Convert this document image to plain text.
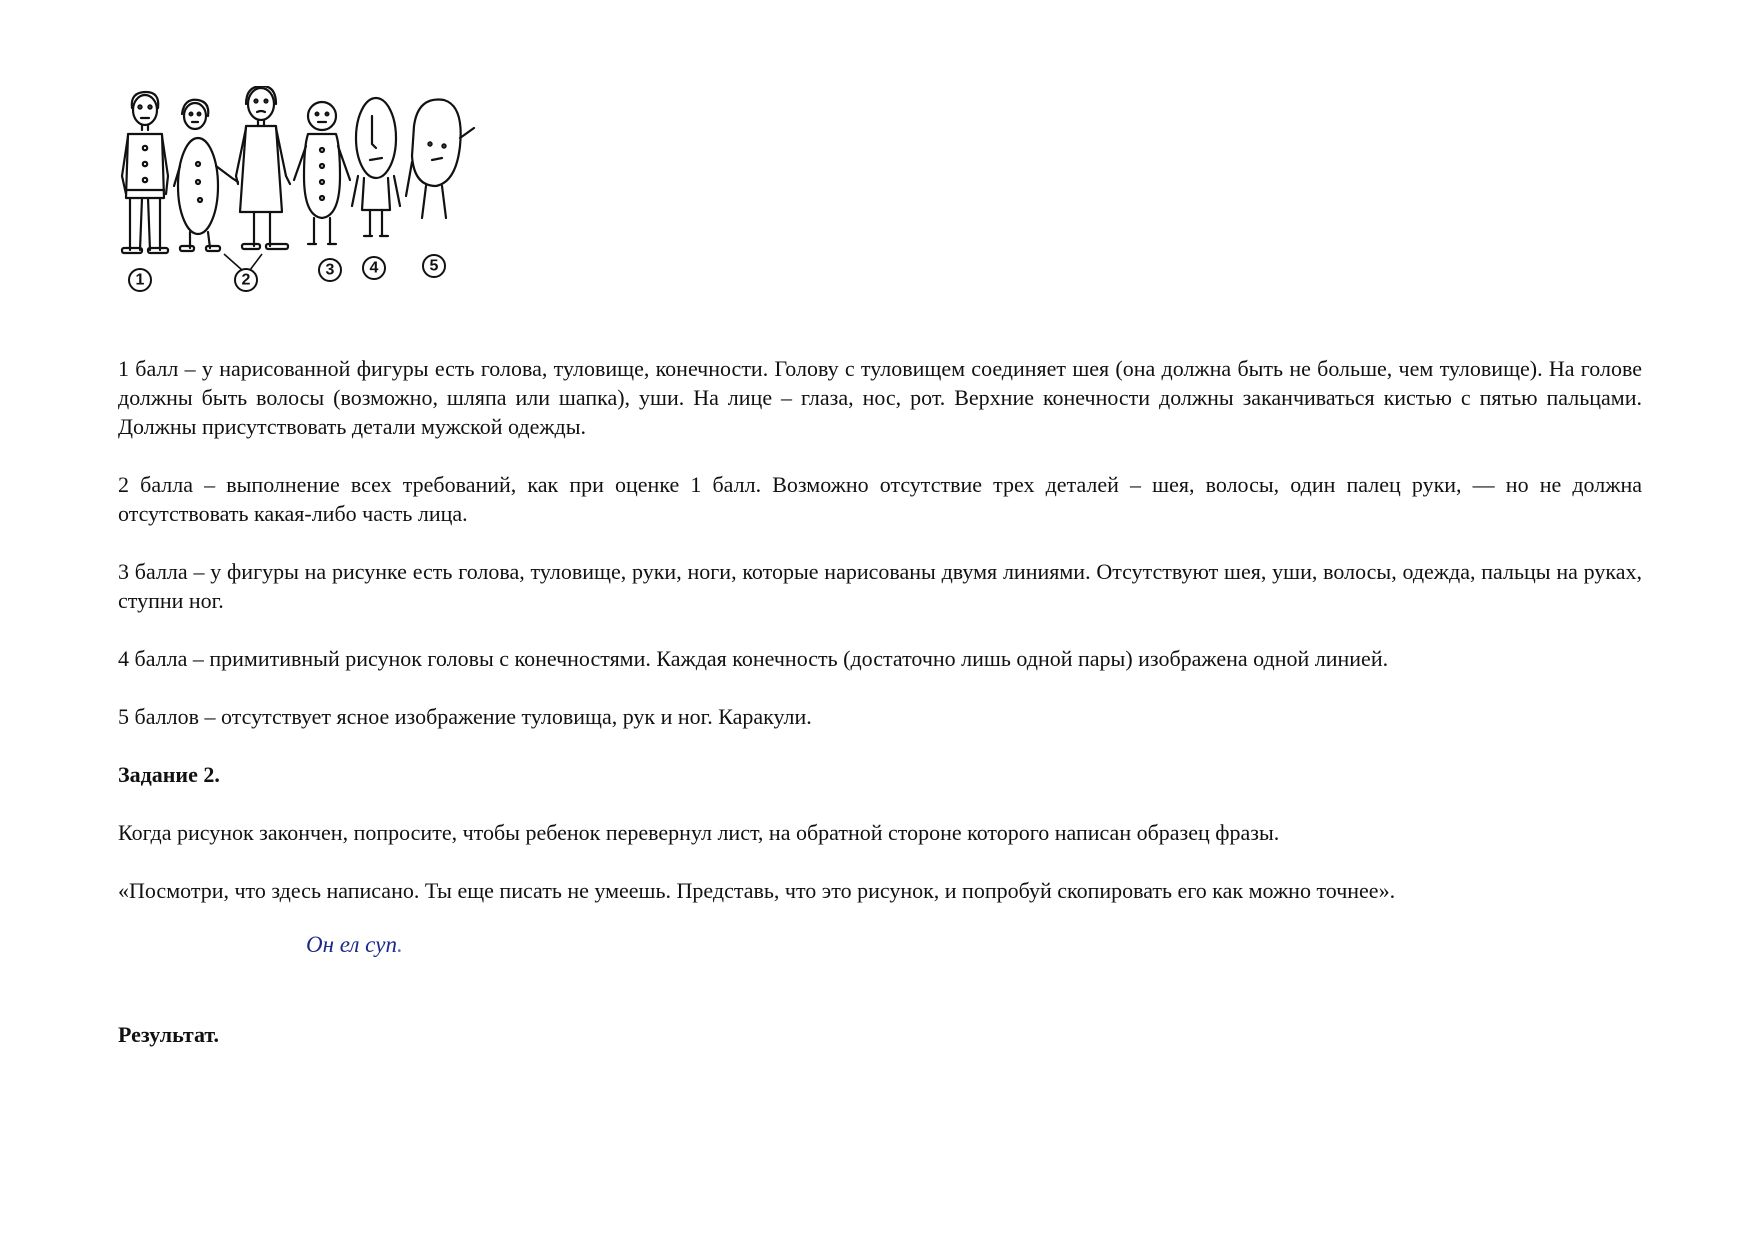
1	2
3 4	5

1 балл – у нарисованной фигуры есть голова, туловище, конечности. Голову с туловищем соединяет шея (она должна быть не больше, чем туловище). На голове должны быть волосы (возможно, шляпа или шапка), уши. На лице – глаза, нос, рот. Верхние конечности должны заканчиваться кистью с пятью пальцами. Должны присутствовать детали мужской одежды.

2 балла – выполнение всех требований, как при оценке 1 балл. Возможно отсутствие трех деталей – шея, волосы, один палец руки, — но не должна отсутствовать какая-либо часть лица.

3 балла – у фигуры на рисунке есть голова, туловище, руки, ноги, которые нарисованы двумя линиями. Отсутствуют шея, уши, волосы, одежда, пальцы на руках, ступни ног.

4 балла – примитивный рисунок головы с конечностями. Каждая конечность (достаточно лишь одной пары) изображена одной линией.

5 баллов – отсутствует ясное изображение туловища, рук и ног. Каракули.

Задание 2.

Когда рисунок закончен, попросите, чтобы ребенок перевернул лист, на обратной стороне которого написан образец фразы.

«Посмотри, что здесь написано. Ты еще писать не умеешь. Представь, что это рисунок, и попробуй скопировать его как можно точнее».

Он ел суп.

Результат.
